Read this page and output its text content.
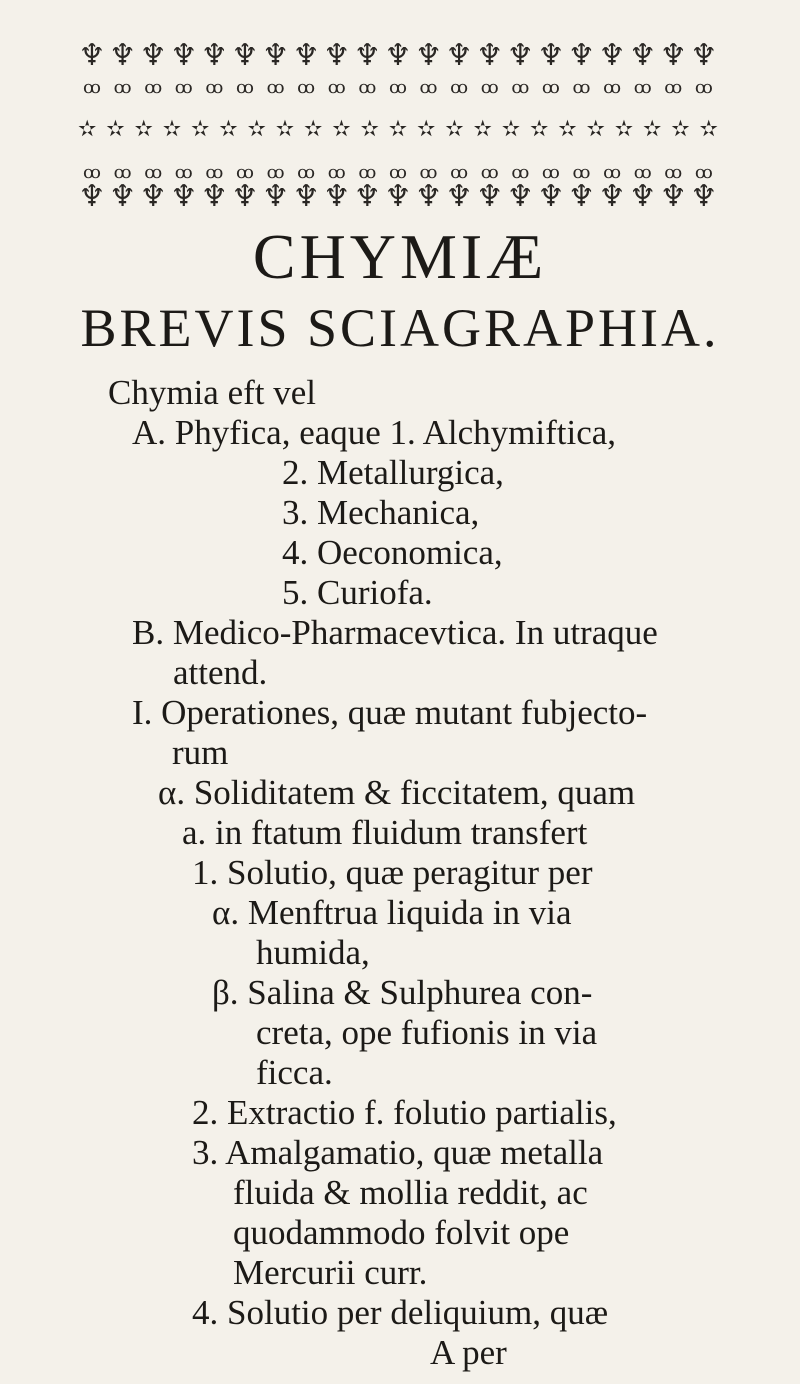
♆ꝏ
♆ꝏ
♆ꝏ
♆ꝏ
♆ꝏ
♆ꝏ
♆ꝏ
♆ꝏ
♆ꝏ
♆ꝏ
♆ꝏ
♆ꝏ
♆ꝏ
♆ꝏ
♆ꝏ
♆ꝏ
♆ꝏ
♆ꝏ
♆ꝏ
♆ꝏ
♆ꝏ
✫ ✫ ✫ ✫ ✫ ✫ ✫ ✫ ✫ ✫ ✫ ✫ ✫ ✫ ✫ ✫ ✫ ✫ ✫ ✫ ✫ ✫ ✫
ꝏ♆
ꝏ♆
ꝏ♆
ꝏ♆
ꝏ♆
ꝏ♆
ꝏ♆
ꝏ♆
ꝏ♆
ꝏ♆
ꝏ♆
ꝏ♆
ꝏ♆
ꝏ♆
ꝏ♆
ꝏ♆
ꝏ♆
ꝏ♆
ꝏ♆
ꝏ♆
ꝏ♆
CHYMIÆ
BREVIS SCIAGRAPHIA.
Chymia eft vel
A. Phyfica, eaque 1. Alchymiftica,
2. Metallurgica,
3. Mechanica,
4. Oeconomica,
5. Curiofa.
B. Medico-Pharmacevtica. In utraque
attend.
I. Operationes, quæ mutant fubjecto-
rum
α. Soliditatem & ficcitatem, quam
a. in ftatum fluidum transfert
1. Solutio, quæ peragitur per
α. Menftrua liquida in via
humida,
β. Salina & Sulphurea con-
creta, ope fufionis in via
ficca.
2. Extractio f. folutio partialis,
3. Amalgamatio, quæ metalla
fluida & mollia reddit, ac
quodammodo folvit ope
Mercurii curr.
4. Solutio per deliquium, quæ
A per
